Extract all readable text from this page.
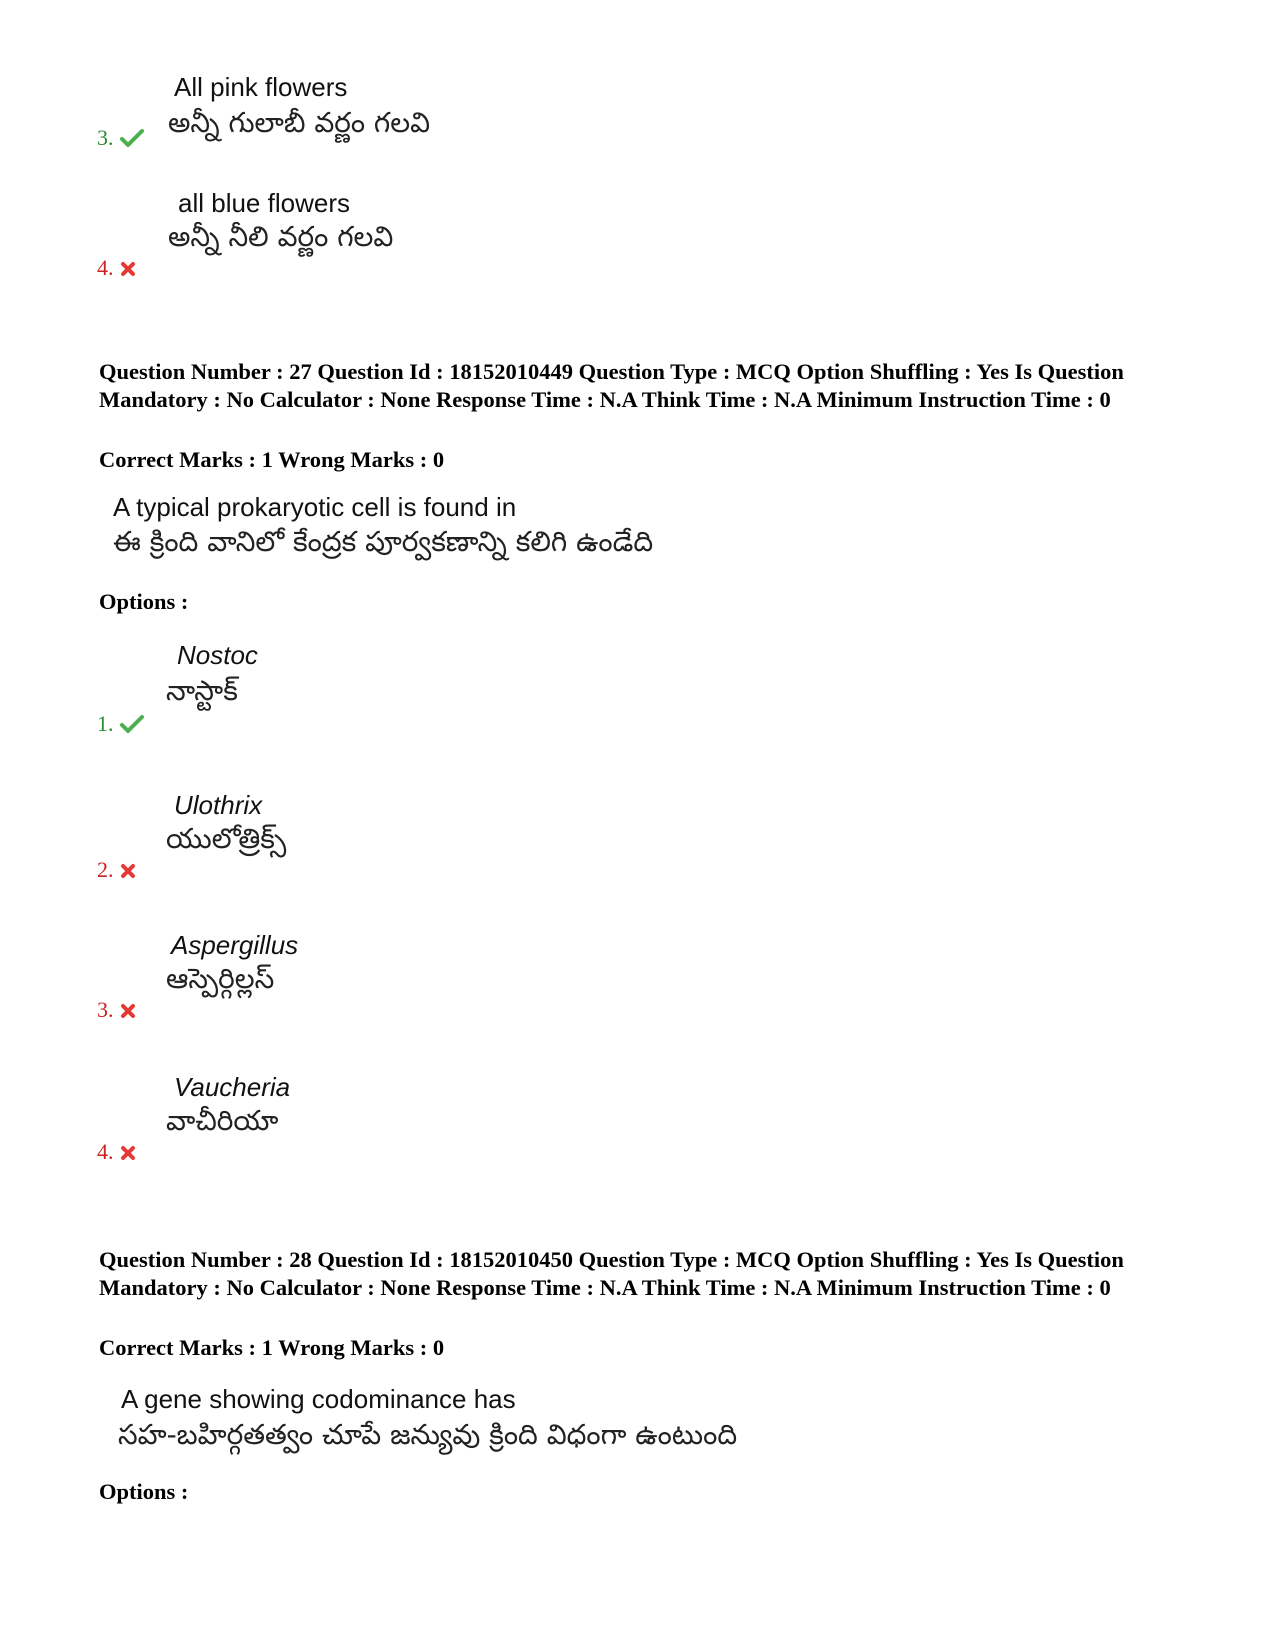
All pink flowers
అన్నీ గులాబీ వర్ణం గలవి
3.
all blue flowers
అన్నీ నీలి వర్ణం గలవి
4.

Question Number : 27 Question Id : 18152010449 Question Type : MCQ Option Shuffling : Yes Is Question Mandatory : No Calculator : None Response Time : N.A Think Time : N.A Minimum Instruction Time : 0

Correct Marks : 1 Wrong Marks : 0

A typical prokaryotic cell is found in
ఈ క్రింది వానిలో కేంద్రక పూర్వకణాన్ని కలిగి ఉండేది

Options :

Nostoc
నాస్టాక్
1.
Ulothrix
యులోత్రిక్స్
2.
Aspergillus
ఆస్పెర్గిల్లస్
3.
Vaucheria
వాచీరియా
4.

Question Number : 28 Question Id : 18152010450 Question Type : MCQ Option Shuffling : Yes Is Question Mandatory : No Calculator : None Response Time : N.A Think Time : N.A Minimum Instruction Time : 0

Correct Marks : 1 Wrong Marks : 0

A gene showing codominance has
సహ-బహిర్గతత్వం చూపే జన్యువు క్రింది విధంగా ఉంటుంది

Options :
